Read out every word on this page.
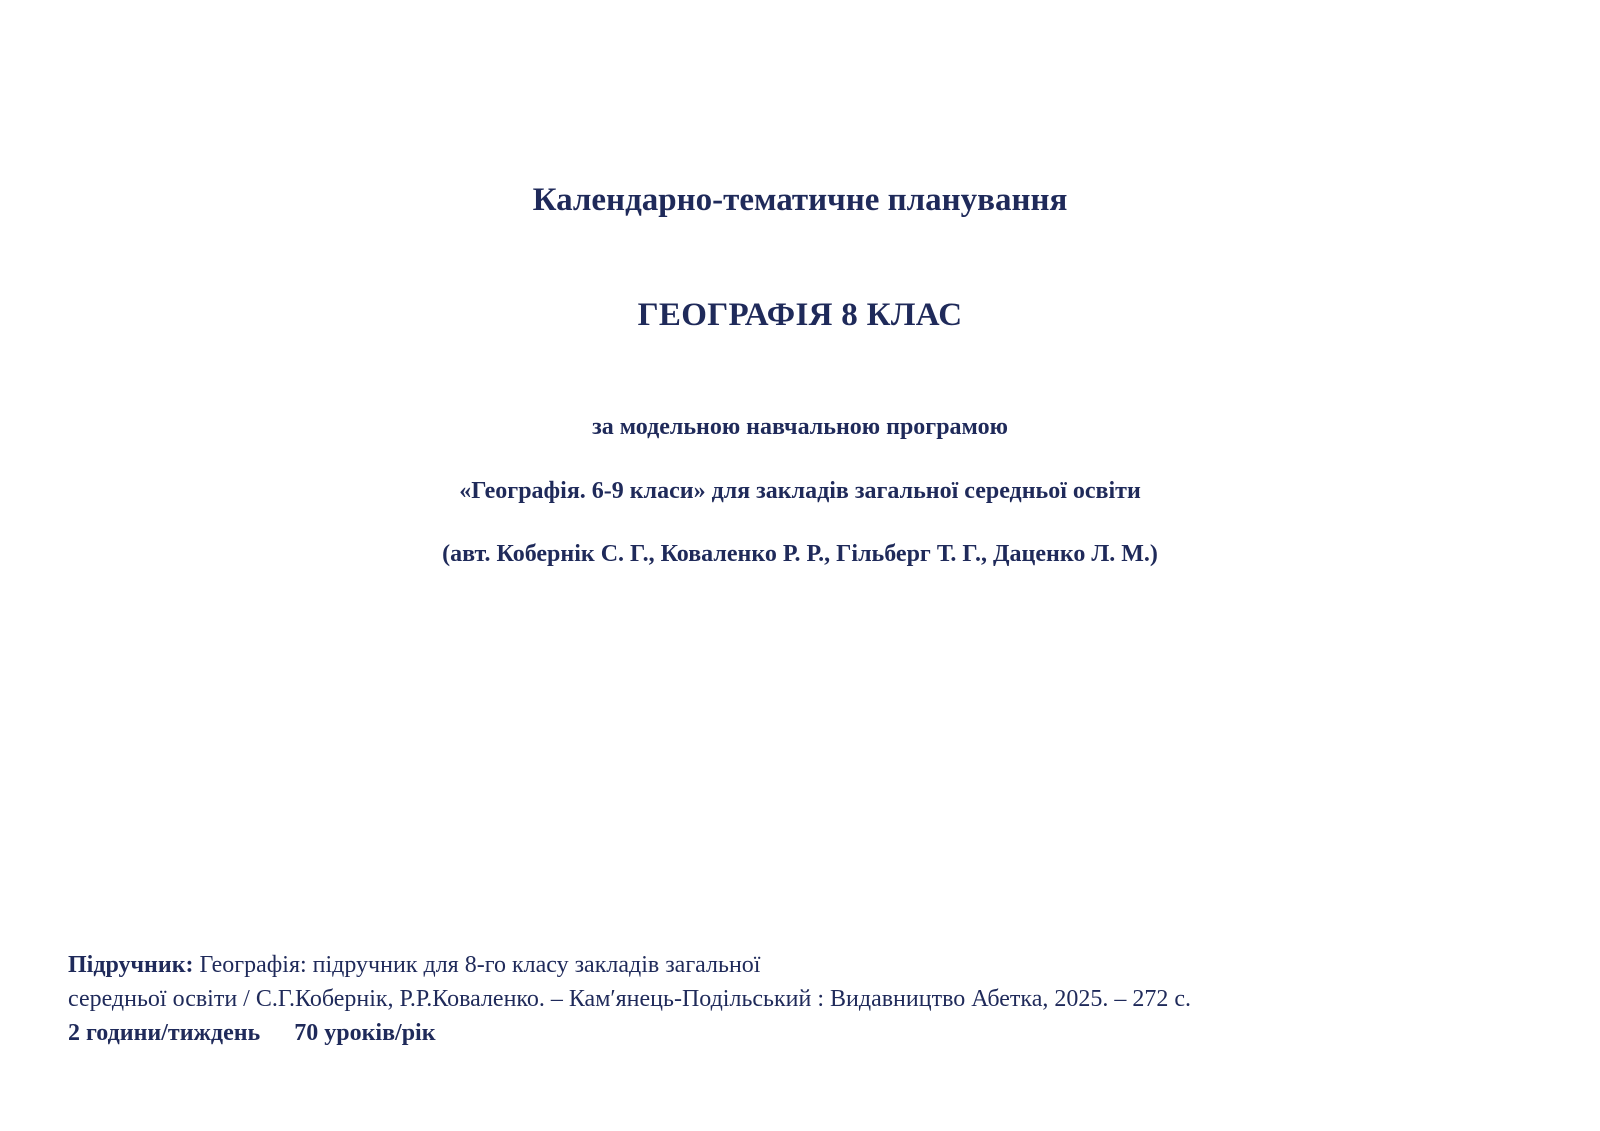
Календарно-тематичне планування
ГЕОГРАФІЯ 8 КЛАС
за модельною навчальною програмою
«Географія. 6-9 класи» для закладів загальної середньої освіти
(авт. Кобернік С. Г., Коваленко Р. Р., Гільберг Т. Г., Даценко Л. М.)
Підручник: Географія: підручник для 8-го класу закладів загальної
середньої освіти / С.Г.Кобернік, Р.Р.Коваленко. – Кам′янець-Подільський : Видавництво Абетка, 2025. – 272 с.
2 години/тиждень 70 уроків/рік
